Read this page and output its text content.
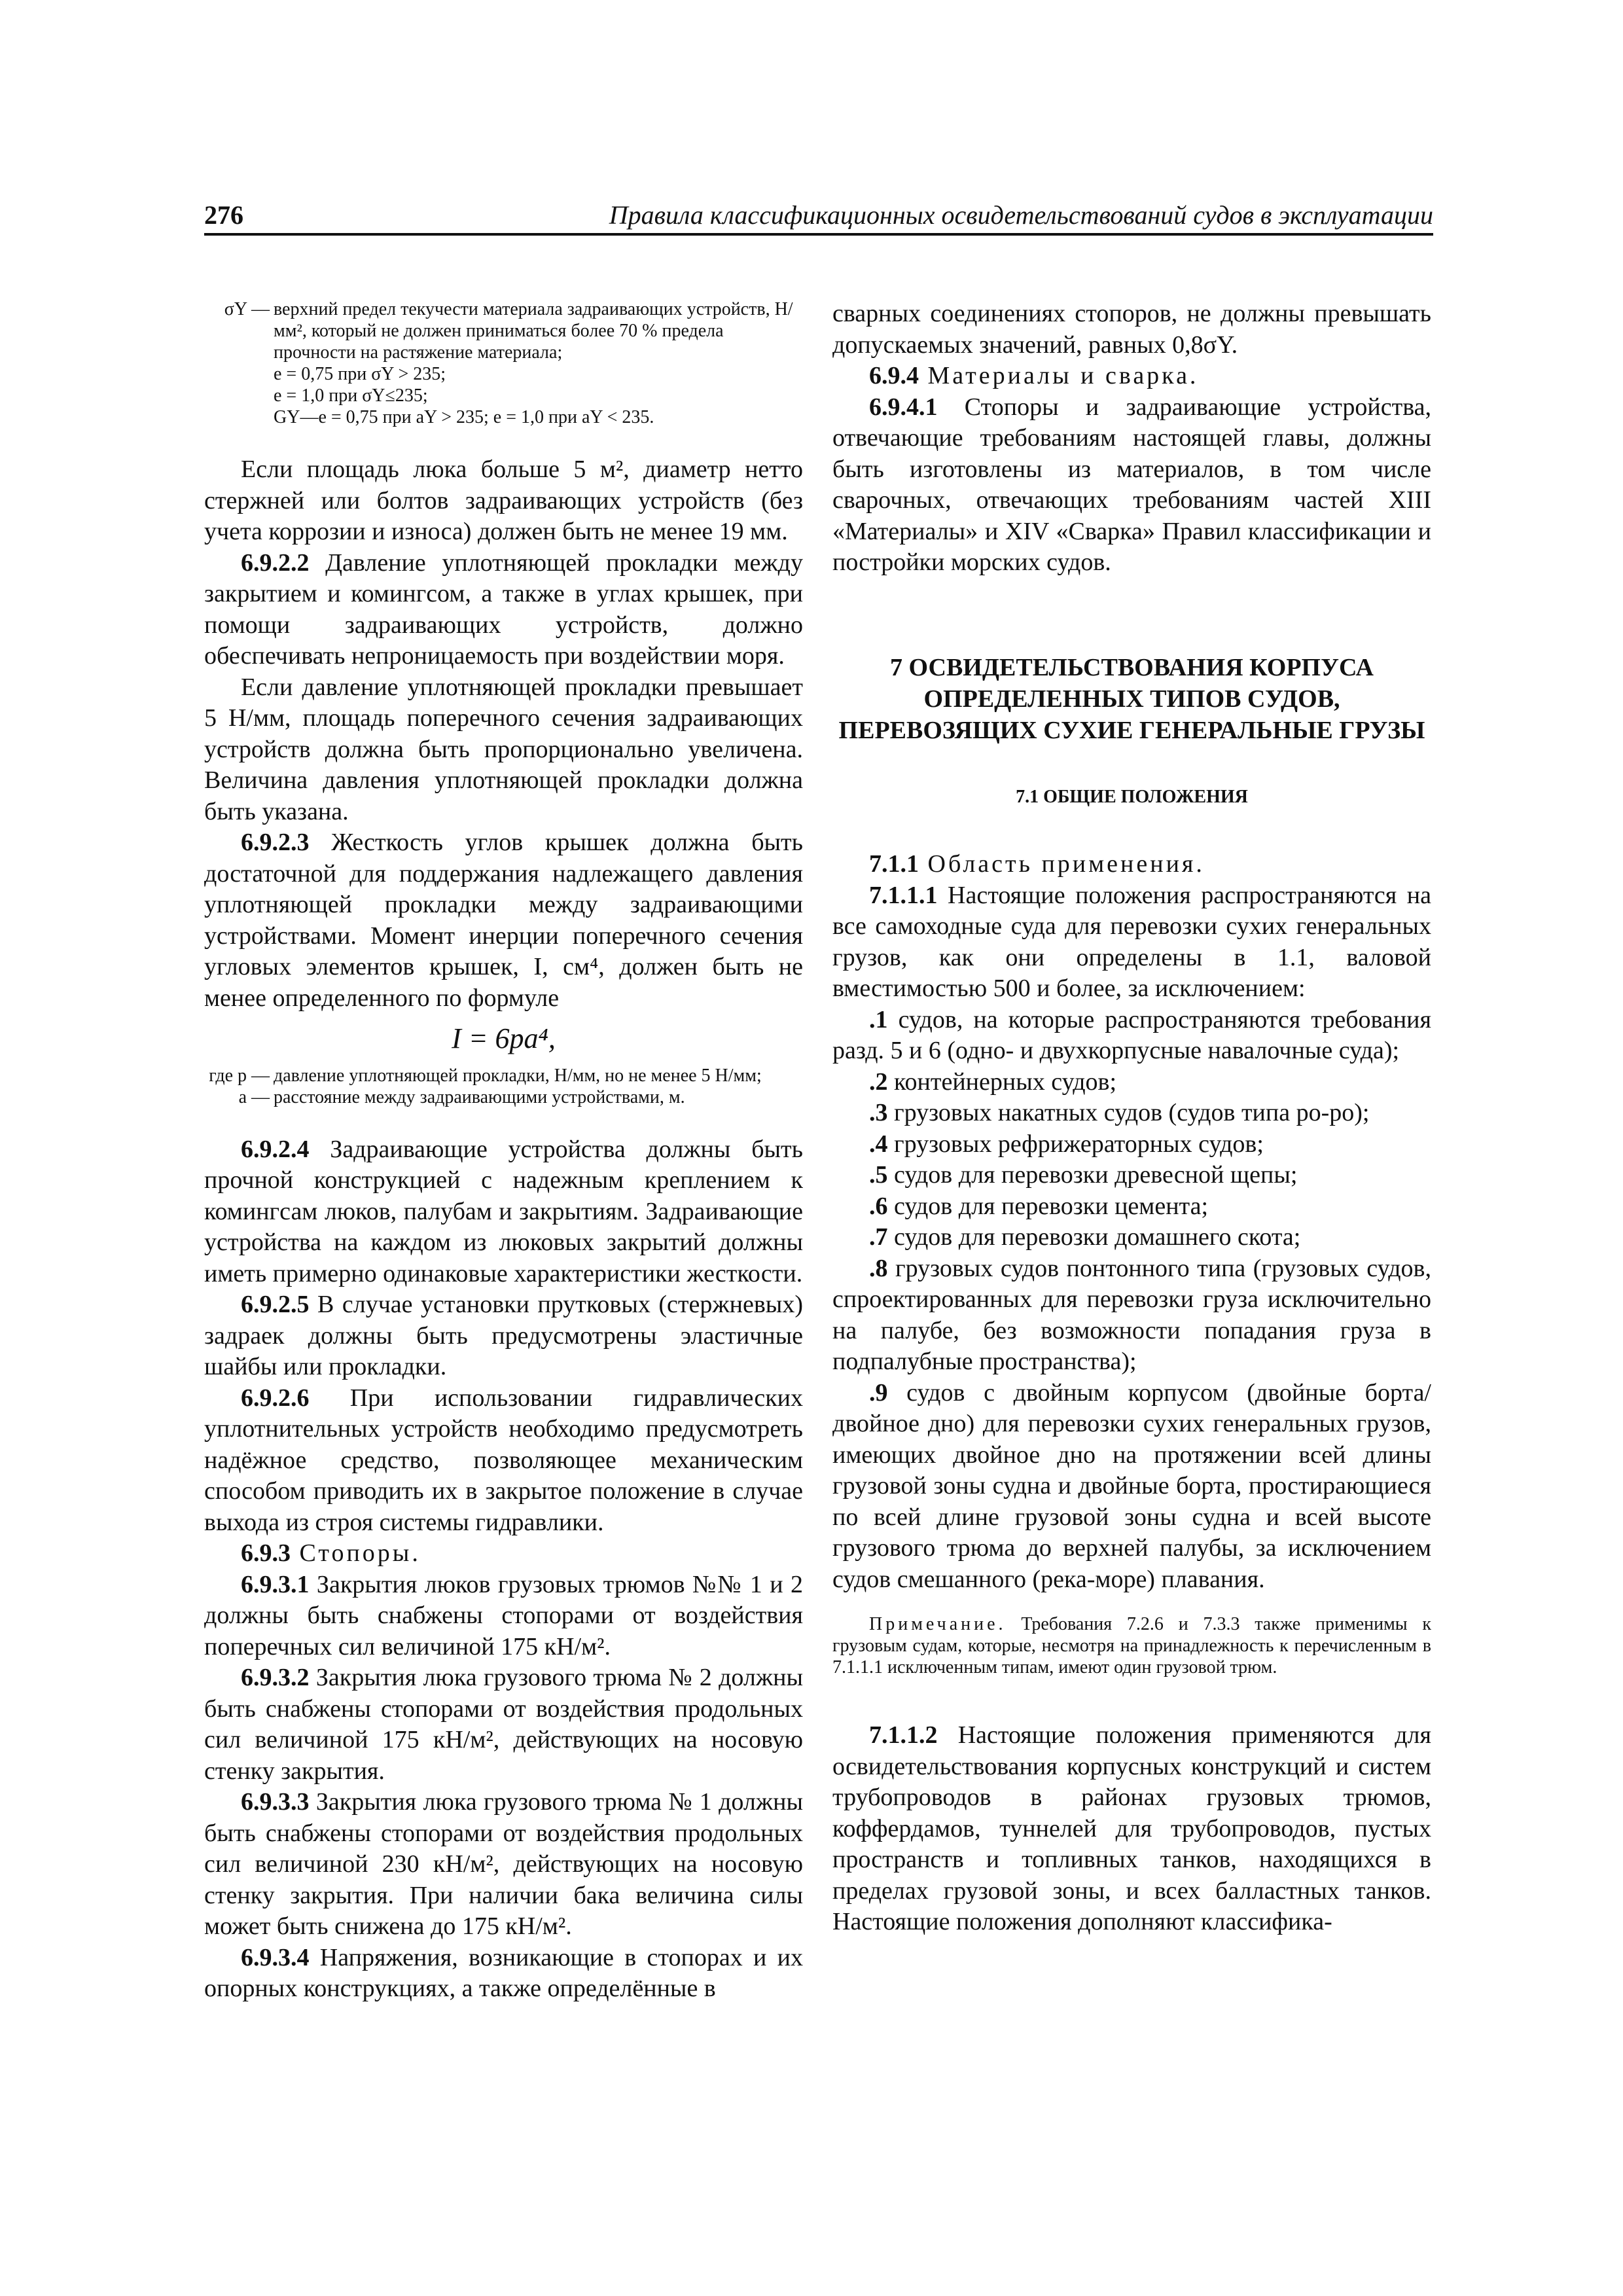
276	Правила классификационных освидетельствований судов в эксплуатации
σY — верхний предел текучести материала задраивающих устройств, Н/мм², который не должен приниматься более 70 % предела прочности на растяжение материала;
e = 0,75 при σY > 235;
e = 1,0 при σY≤235;
GY—e = 0,75 при aY > 235; e = 1,0 при aY < 235.

Если площадь люка больше 5 м², диаметр нетто стержней или болтов задраивающих устройств (без учета коррозии и износа) должен быть не менее 19 мм.

6.9.2.2 Давление уплотняющей прокладки между закрытием и комингсом, а также в углах крышек, при помощи задраивающих устройств, должно обеспечивать непроницаемость при воздействии моря.

Если давление уплотняющей прокладки превышает 5 Н/мм, площадь поперечного сечения задраивающих устройств должна быть пропорционально увеличена. Величина давления уплотняющей прокладки должна быть указана.

6.9.2.3 Жесткость углов крышек должна быть достаточной для поддержания надлежащего давления уплотняющей прокладки между задраивающими устройствами. Момент инерции поперечного сечения угловых элементов крышек, I, см⁴, должен быть не менее определенного по формуле

I = 6pa⁴,
где p — давление уплотняющей прокладки, Н/мм, но не менее 5 Н/мм;
a — расстояние между задраивающими устройствами, м.

6.9.2.4 Задраивающие устройства должны быть прочной конструкцией с надежным креплением к комингсам люков, палубам и закрытиям. Задраивающие устройства на каждом из люковых закрытий должны иметь примерно одинаковые характеристики жесткости.

6.9.2.5 В случае установки прутковых (стержневых) задраек должны быть предусмотрены эластичные шайбы или прокладки.

6.9.2.6 При использовании гидравлических уплотнительных устройств необходимо предусмотреть надёжное средство, позволяющее механическим способом приводить их в закрытое положение в случае выхода из строя системы гидравлики.

6.9.3 Стопоры.

6.9.3.1 Закрытия люков грузовых трюмов №№ 1 и 2 должны быть снабжены стопорами от воздействия поперечных сил величиной 175 кН/м².

6.9.3.2 Закрытия люка грузового трюма № 2 должны быть снабжены стопорами от воздействия продольных сил величиной 175 кН/м², действующих на носовую стенку закрытия.

6.9.3.3 Закрытия люка грузового трюма № 1 должны быть снабжены стопорами от воздействия продольных сил величиной 230 кН/м², действующих на носовую стенку закрытия. При наличии бака величина силы может быть снижена до 175 кН/м².

6.9.3.4 Напряжения, возникающие в стопорах и их опорных конструкциях, а также определённые в

сварных соединениях стопоров, не должны превышать допускаемых значений, равных 0,8σY.

6.9.4 Материалы и сварка.

6.9.4.1 Стопоры и задраивающие устройства, отвечающие требованиям настоящей главы, должны быть изготовлены из материалов, в том числе сварочных, отвечающих требованиям частей XIII «Материалы» и XIV «Сварка» Правил классификации и постройки морских судов.

7 ОСВИДЕТЕЛЬСТВОВАНИЯ КОРПУСА ОПРЕДЕЛЕННЫХ ТИПОВ СУДОВ, ПЕРЕВОЗЯЩИХ СУХИЕ ГЕНЕРАЛЬНЫЕ ГРУЗЫ
7.1 ОБЩИЕ ПОЛОЖЕНИЯ

7.1.1 Область применения.

7.1.1.1 Настоящие положения распространяются на все самоходные суда для перевозки сухих генеральных грузов, как они определены в 1.1, валовой вместимостью 500 и более, за исключением:

.1 судов, на которые распространяются требования разд. 5 и 6 (одно- и двухкорпусные навалочные суда);

.2 контейнерных судов;

.3 грузовых накатных судов (судов типа ро-ро);

.4 грузовых рефрижераторных судов;

.5 судов для перевозки древесной щепы;

.6 судов для перевозки цемента;

.7 судов для перевозки домашнего скота;

.8 грузовых судов понтонного типа (грузовых судов, спроектированных для перевозки груза исключительно на палубе, без возможности попадания груза в подпалубные пространства);

.9 судов с двойным корпусом (двойные борта/двойное дно) для перевозки сухих генеральных грузов, имеющих двойное дно на протяжении всей длины грузовой зоны судна и двойные борта, простирающиеся по всей длине грузовой зоны судна и всей высоте грузового трюма до верхней палубы, за исключением судов смешанного (река-море) плавания.

Примечание. Требования 7.2.6 и 7.3.3 также применимы к грузовым судам, которые, несмотря на принадлежность к перечисленным в 7.1.1.1 исключенным типам, имеют один грузовой трюм.

7.1.1.2 Настоящие положения применяются для освидетельствования корпусных конструкций и систем трубопроводов в районах грузовых трюмов, коффердамов, туннелей для трубопроводов, пустых пространств и топливных танков, находящихся в пределах грузовой зоны, и всех балластных танков. Настоящие положения дополняют классифика-
